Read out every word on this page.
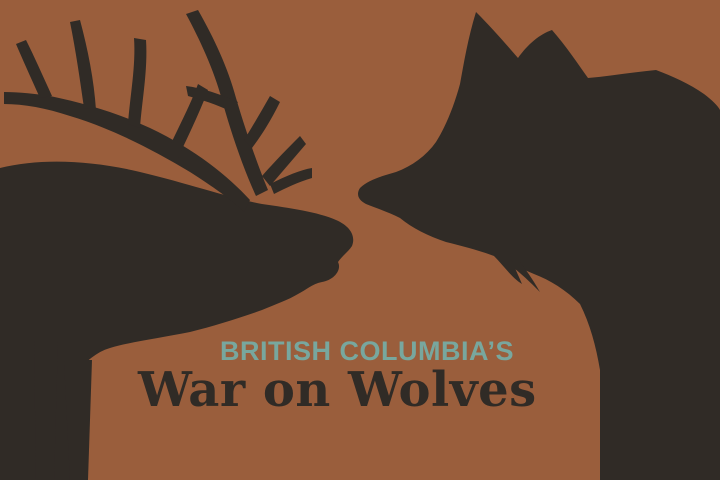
BRITISH COLUMBIA’S
War on Wolves
